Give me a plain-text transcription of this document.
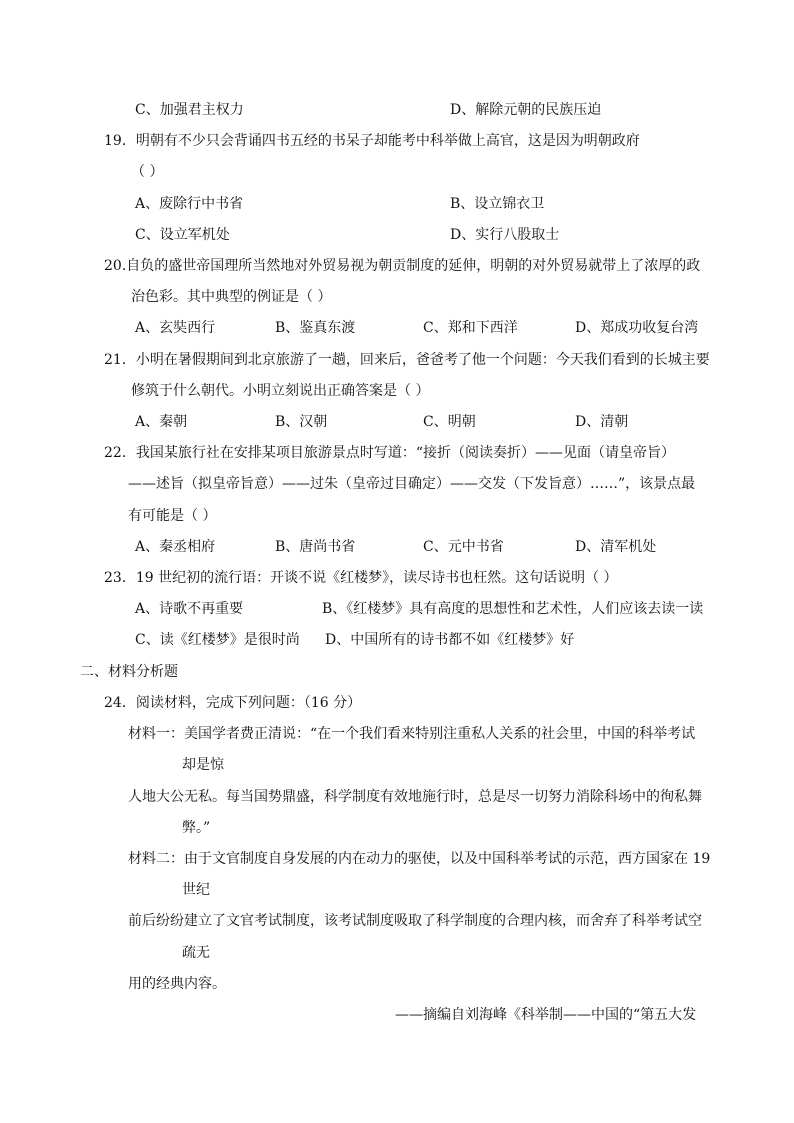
C、加强君主权力	D、解除元朝的民族压迫
19．明朝有不少只会背诵四书五经的书呆子却能考中科举做上高官，这是因为明朝政府
（ ）
A、废除行中书省	B、设立锦衣卫
C、设立军机处	D、实行八股取士
20.自负的盛世帝国理所当然地对外贸易视为朝贡制度的延伸，明朝的对外贸易就带上了浓厚的政
治色彩。其中典型的例证是（ ）
A、玄奘西行	B、鉴真东渡	C、郑和下西洋	D、郑成功收复台湾
21．小明在暑假期间到北京旅游了一趟，回来后，爸爸考了他一个问题：今天我们看到的长城主要
修筑于什么朝代。小明立刻说出正确答案是（ ）
A、秦朝	B、汉朝	C、明朝	D、清朝
22．我国某旅行社在安排某项目旅游景点时写道：“接折（阅读奏折）——见面（请皇帝旨）
——述旨（拟皇帝旨意）——过朱（皇帝过目确定）——交发（下发旨意）……”，该景点最
有可能是（ ）
A、秦丞相府	B、唐尚书省	C、元中书省	D、清军机处
23．19 世纪初的流行语：开谈不说《红楼梦》，读尽诗书也枉然。这句话说明（ ）
A、诗歌不再重要	B、《红楼梦》具有高度的思想性和艺术性，人们应该去读一读
C、读《红楼梦》是很时尚 D、中国所有的诗书都不如《红楼梦》好
二、材料分析题
24．阅读材料，完成下列问题：（16 分）
材料一：美国学者费正清说：“在一个我们看来特别注重私人关系的社会里，中国的科举考试
却是惊
人地大公无私。每当国势鼎盛，科学制度有效地施行时，总是尽一切努力消除科场中的徇私舞
弊。”
材料二：由于文官制度自身发展的内在动力的驱使，以及中国科举考试的示范，西方国家在 19
世纪
前后纷纷建立了文官考试制度，该考试制度吸取了科学制度的合理内核，而舍弃了科举考试空
疏无
用的经典内容。
——摘编自刘海峰《科举制——中国的“第五大发
